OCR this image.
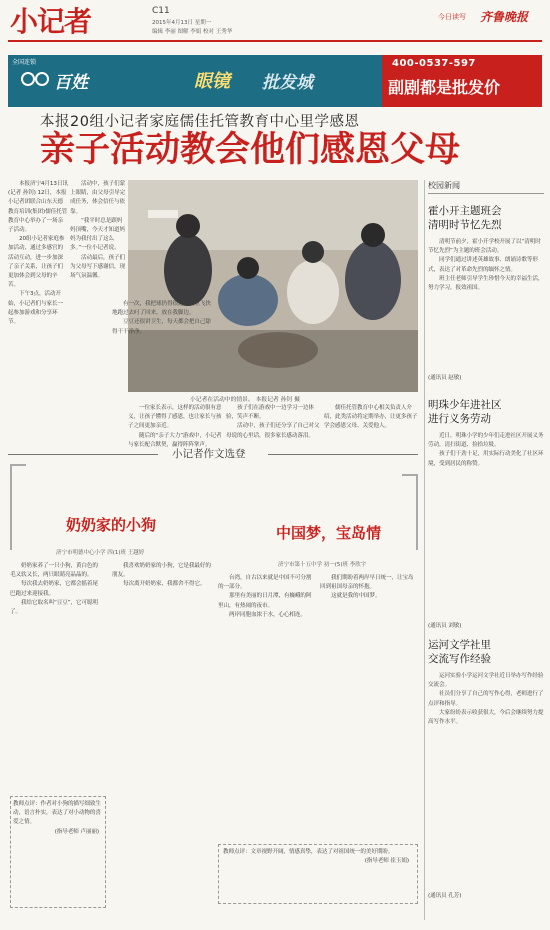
小记者	C11
2015年4月13日 星期一
编辑 李丽 图解 李娟 校对 王秀华
今日读写 齐鲁晚报
全国连锁
百姓	眼镜 批发城
400-0537-597
副剧都是批发价
本报20组小记者家庭儒佳托管教育中心里学感恩
亲子活动教会他们感恩父母

本报济宁4月13日讯(记者 孙钊) 12日，本报小记者团联合山东天德教育培训(集团)儒佳托管教育中心举办了一场亲子活动。

20组小记者家庭参加活动，通过多感官的活动互动，进一步加深了亲子关系，让孩子们更加体会到父母的辛苦。

下午3点，活动开始，小记者们与家长一起参加游戏和分享环节。

活动中，孩子们蒙上眼睛，由父母引导完成任务，体会信任与依靠。

“我平时总是跟妈妈顶嘴，今天才知道妈妈为我付出了这么多。”一位小记者说。

活动最后，孩子们为父母写下感谢信，现场气氛温馨。

小记者在活动中的情景。 本报记者 孙钊 摄

一位家长表示，这样的活动很有意义，让孩子懂得了感恩，也让家长与孩子之间更加亲近。

随后的“亲子大力”游戏中，小记者与家长配合默契，赢得阵阵掌声。

孩子们在游戏中一边学习一边体验，笑声不断。

活动中，孩子们还分享了自己对父母说的心里话，很多家长感动落泪。

儒佳托管教育中心相关负责人介绍，此类活动将定期举办，让更多孩子学会感恩父母、关爱他人。

小记者作文选登
奶奶家的小狗
济宁市明德中心小学 四(1)班 王越婷

奶奶家养了一只小狗，黄白色的毛又软又长，两只眼睛亮晶晶的。

每次我去奶奶家，它都会摇着尾巴跑过来迎接我。

我给它取名叫“豆豆”，它可聪明了。

教师点评：作者对小狗的描写细致生动，语言朴实，表达了对小动物的喜爱之情。
(指导老师 卢丽丽)

有一次，我把球扔得很远，豆豆飞快地跑过去叼了回来，放在我脚边。

豆豆还很讲卫生，每天都会把自己舔得干干净净。

我喜欢奶奶家的小狗，它是我最好的朋友。

每次离开奶奶家，我都舍不得它。

中国梦，宝岛情
济宁市第十五中学 初一(5)班 李欣宇

台湾，自古以来就是中国不可分割的一部分。

那里有美丽的日月潭，有巍峨的阿里山，有热闹的夜市。

两岸同胞血浓于水，心心相连。

我们期盼着两岸早日统一，让宝岛回到祖国母亲的怀抱。

这就是我的中国梦。

教师点评：文章视野开阔，情感真挚，表达了对祖国统一的美好期盼。
(指导老师 崔玉娟)
校园新闻
霍小开主题班会
清明时节忆先烈

清明节前夕，霍小开学校开展了以“清明时节忆先烈”为主题的班会活动。

同学们通过讲述英雄故事、朗诵诗歌等形式，表达了对革命先烈的缅怀之情。

班主任老师引导学生珍惜今天的幸福生活，努力学习，报效祖国。

(通讯员 赵敏)
明珠少年进社区
进行义务劳动

近日，明珠小学的少年们走进社区开展义务劳动，清扫街道、捡拾垃圾。

孩子们干劲十足，用实际行动美化了社区环境，受到居民的称赞。

(通讯员 刘敏)
运河文学社里
交流写作经验

运河实验小学运河文学社近日举办写作经验交流会。

社员们分享了自己的写作心得，老师进行了点评和指导。

大家纷纷表示收获很大，今后会继续努力提高写作水平。

(通讯员 孔芳)
